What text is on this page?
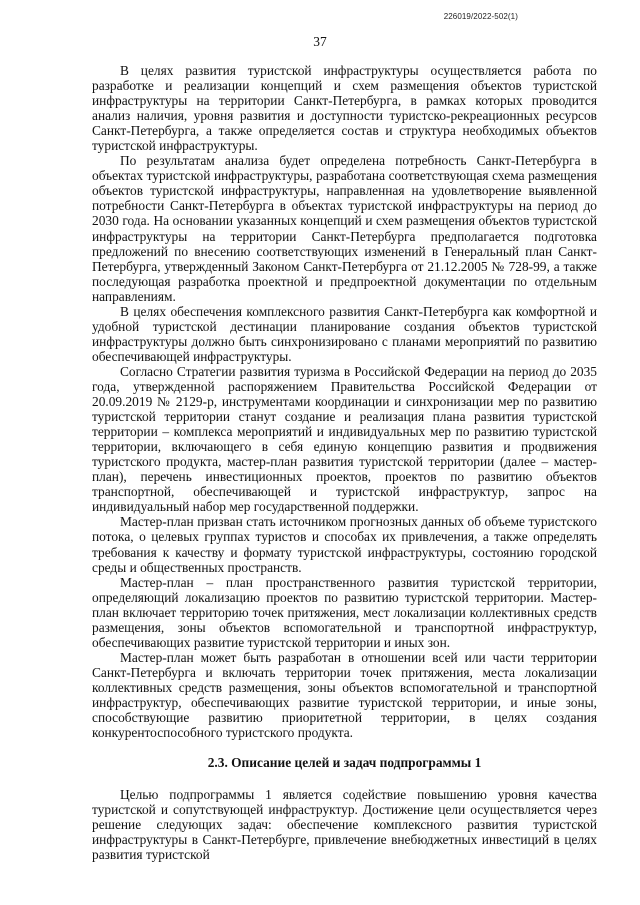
226019/2022-502(1)
37

В целях развития туристской инфраструктуры осуществляется работа по разработке и реализации концепций и схем размещения объектов туристской инфраструктуры на территории Санкт-Петербурга, в рамках которых проводится анализ наличия, уровня развития и доступности туристско-рекреационных ресурсов Санкт-Петербурга, а также определяется состав и структура необходимых объектов туристской инфраструктуры.

По результатам анализа будет определена потребность Санкт-Петербурга в объектах туристской инфраструктуры, разработана соответствующая схема размещения объектов туристской инфраструктуры, направленная на удовлетворение выявленной потребности Санкт-Петербурга в объектах туристской инфраструктуры на период до 2030 года. На основании указанных концепций и схем размещения объектов туристской инфраструктуры на территории Санкт-Петербурга предполагается подготовка предложений по внесению соответствующих изменений в Генеральный план Санкт-Петербурга, утвержденный Законом Санкт-Петербурга от 21.12.2005 № 728-99, а также последующая разработка проектной и предпроектной документации по отдельным направлениям.

В целях обеспечения комплексного развития Санкт-Петербурга как комфортной и удобной туристской дестинации планирование создания объектов туристской инфраструктуры должно быть синхронизировано с планами мероприятий по развитию обеспечивающей инфраструктуры.

Согласно Стратегии развития туризма в Российской Федерации на период до 2035 года, утвержденной распоряжением Правительства Российской Федерации от 20.09.2019 № 2129-р, инструментами координации и синхронизации мер по развитию туристской территории станут создание и реализация плана развития туристской территории – комплекса мероприятий и индивидуальных мер по развитию туристской территории, включающего в себя единую концепцию развития и продвижения туристского продукта, мастер-план развития туристской территории (далее – мастер-план), перечень инвестиционных проектов, проектов по развитию объектов транспортной, обеспечивающей и туристской инфраструктур, запрос на индивидуальный набор мер государственной поддержки.

Мастер-план призван стать источником прогнозных данных об объеме туристского потока, о целевых группах туристов и способах их привлечения, а также определять требования к качеству и формату туристской инфраструктуры, состоянию городской среды и общественных пространств.

Мастер-план – план пространственного развития туристской территории, определяющий локализацию проектов по развитию туристской территории. Мастер-план включает территорию точек притяжения, мест локализации коллективных средств размещения, зоны объектов вспомогательной и транспортной инфраструктур, обеспечивающих развитие туристской территории и иных зон.

Мастер-план может быть разработан в отношении всей или части территории Санкт-Петербурга и включать территории точек притяжения, места локализации коллективных средств размещения, зоны объектов вспомогательной и транспортной инфраструктур, обеспечивающих развитие туристской территории, и иные зоны, способствующие развитию приоритетной территории, в целях создания конкурентоспособного туристского продукта.

2.3. Описание целей и задач подпрограммы 1

Целью подпрограммы 1 является содействие повышению уровня качества туристской и сопутствующей инфраструктур. Достижение цели осуществляется через решение следующих задач: обеспечение комплексного развития туристской инфраструктуры в Санкт-Петербурге, привлечение внебюджетных инвестиций в целях развития туристской
